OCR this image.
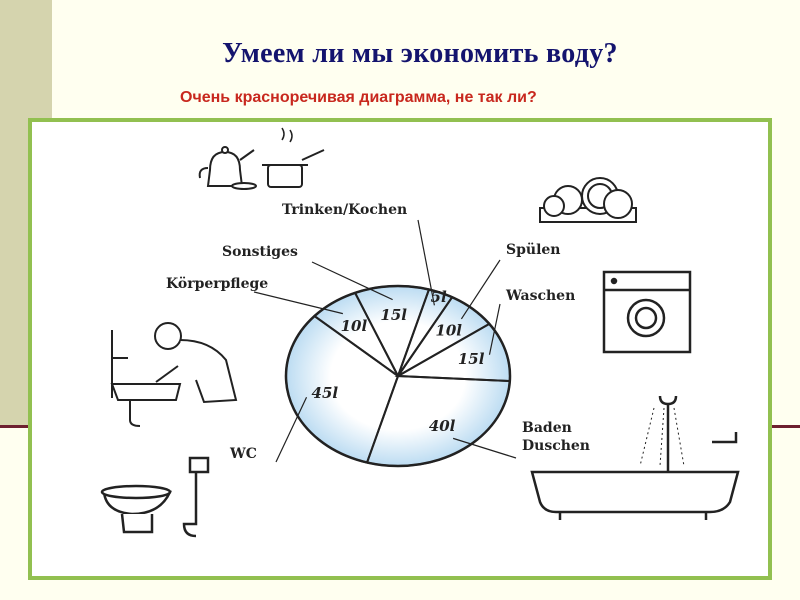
Умеем ли мы экономить воду?
Очень красноречивая диаграмма, не так ли?
5l
Trinken/Kochen
10l
Spülen
15l
Waschen
40l	Baden Duschen
45l
WC
10l
Körperpflege
15l
Sonstiges
